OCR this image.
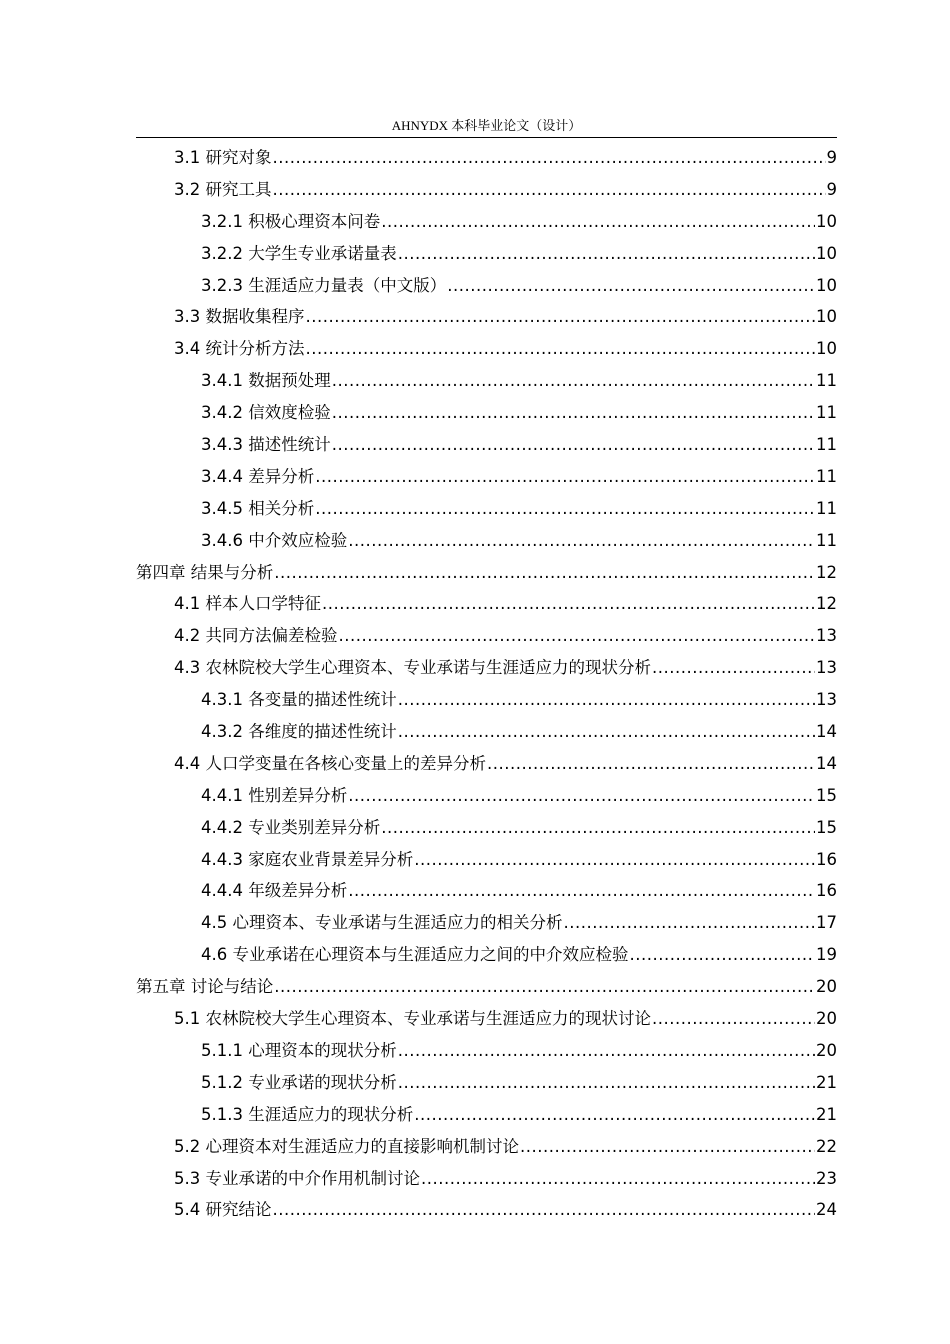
AHNYDX 本科毕业论文（设计）
3.1 研究对象 .....	9
3.2 研究工具 .....	9
3.2.1 积极心理资本问卷 .....	10
3.2.2 大学生专业承诺量表 .....	10
3.2.3 生涯适应力量表（中文版） .....	10
3.3 数据收集程序 .....	10
3.4 统计分析方法 .....	10
3.4.1 数据预处理 .....	11
3.4.2 信效度检验 .....	11
3.4.3 描述性统计 .....	11
3.4.4 差异分析 .....	11
3.4.5 相关分析 .....	11
3.4.6 中介效应检验 .....	11
第四章 结果与分析 .....	12
4.1 样本人口学特征 .....	12
4.2 共同方法偏差检验 .....	13
4.3 农林院校大学生心理资本、专业承诺与生涯适应力的现状分析 .....	13
4.3.1 各变量的描述性统计 .....	13
4.3.2 各维度的描述性统计 .....	14
4.4 人口学变量在各核心变量上的差异分析 .....	14
4.4.1 性别差异分析 .....	15
4.4.2 专业类别差异分析 .....	15
4.4.3 家庭农业背景差异分析 .....	16
4.4.4 年级差异分析 .....	16
4.5 心理资本、专业承诺与生涯适应力的相关分析 .....	17
4.6 专业承诺在心理资本与生涯适应力之间的中介效应检验 .....	19
第五章 讨论与结论 .....	20
5.1 农林院校大学生心理资本、专业承诺与生涯适应力的现状讨论 .....	20
5.1.1 心理资本的现状分析 .....	20
5.1.2 专业承诺的现状分析 .....	21
5.1.3 生涯适应力的现状分析 .....	21
5.2 心理资本对生涯适应力的直接影响机制讨论 .....	22
5.3 专业承诺的中介作用机制讨论 .....	23
5.4 研究结论 .....	24
